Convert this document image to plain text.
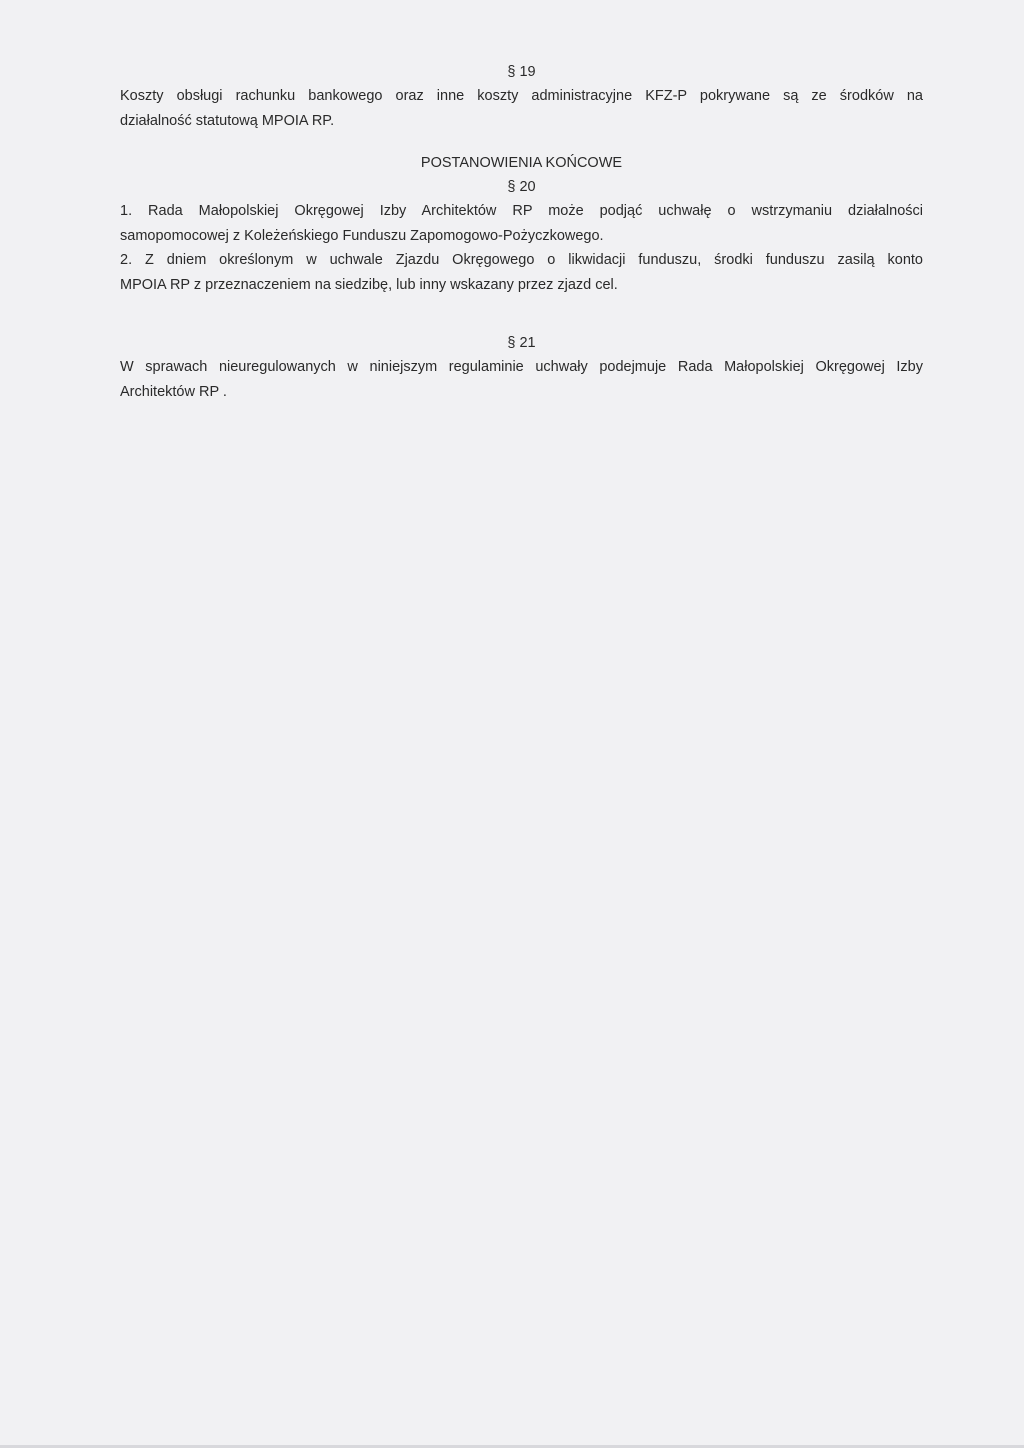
§ 19
Koszty obsługi rachunku bankowego oraz inne koszty administracyjne KFZ-P pokrywane są ze środków na
działalność statutową MPOIA RP.
POSTANOWIENIA KOŃCOWE
§ 20
1. Rada Małopolskiej Okręgowej Izby Architektów RP może podjąć uchwałę o wstrzymaniu działalności
samopomocowej z Koleżeńskiego Funduszu Zapomogowo-Pożyczkowego.
2. Z dniem określonym w uchwale Zjazdu Okręgowego o likwidacji funduszu, środki funduszu zasilą konto
MPOIA RP z przeznaczeniem na siedzibę, lub inny wskazany przez zjazd cel.
§ 21
W sprawach nieuregulowanych w niniejszym regulaminie uchwały podejmuje Rada Małopolskiej Okręgowej Izby
Architektów RP .
